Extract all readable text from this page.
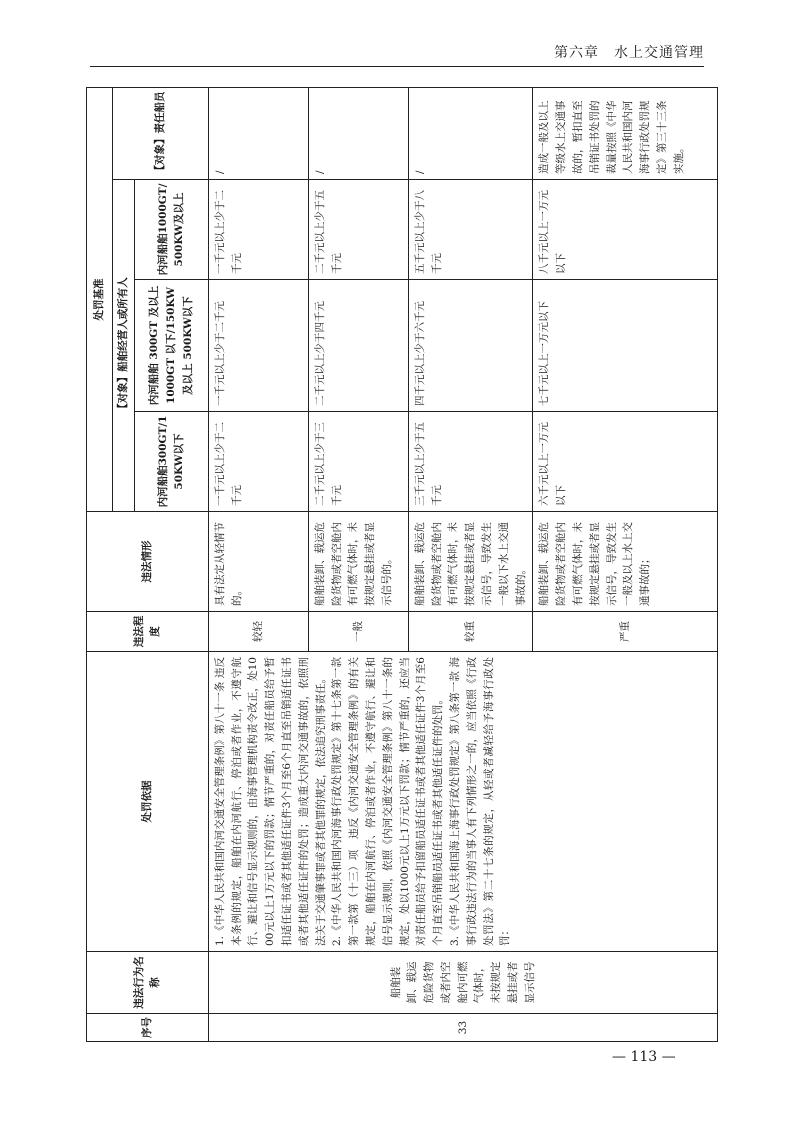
第六章　水上交通管理
序号	违法行为名称	处罚依据	违法程度	违法情形	处罚基准			
					【对象】船舶经营人或所有人			【对象】责任船员
					内河船舶300GT/150KW以下	内河船舶 300GT 及以上 1000GT 以下/150KW 及以上 500KW以下	内河船舶1000GT/500KW及以上	
33	船舶装卸、载运危险货物或者内空舱内可燃气体时，未按规定悬挂或者显示信号	1.《中华人民共和国内河交通安全管理条例》第八十一条 违反本条例的规定，船舶在内河航行、停泊或者作业，不遵守航行、避让和信号显示规则的，由海事管理机构责令改正，处1000元以上1万元以下的罚款；情节严重的，对责任船员给予暂扣适任证书或者其他适任证件3个月至6个月直至吊销适任证书或者其他适任证件的处罚；造成重大内河交通事故的，依照刑法关于交通肇事罪或者其他罪的规定，依法追究刑事责任。 2.《中华人民共和国内河海事行政处罚规定》第十七条第一款第一款第（十三）项　违反《内河交通安全管理条例》的有关规定，船舶在内河航行、停泊或者作业，不遵守航行、避让和信号显示规则，依照《内河交通安全管理条例》第八十一条的规定，处以1000元以上1万元以下罚款；情节严重的，还应当对责任船员给予扣留船员适任证书或者其他适任证件3个月至6个月直至吊销船员适任证书或者其他适任证件的处罚。 3.《中华人民共和国海上海事行政处罚规定》第八条第一款 海事行政违法行为的当事人有下列情形之一的，应当依照《行政处罚法》第二十七条的规定，从轻或者减轻给予海事行政处罚：	较轻	具有法定从轻情节的。	一千元以上少于二千元	一千元以上少于二千元	一千元以上少于二千元	/
			一般	船舶装卸、载运危险货物或者空舱内有可燃气体时，未按规定悬挂或者显示信号的。	二千元以上少于三千元	二千元以上少于四千元	二千元以上少于五千元	/
			较重	船舶装卸、载运危险货物或者空舱内有可燃气体时，未按规定悬挂或者显示信号，导致发生一般以下水上交通事故的。	三千元以上少于五千元	四千元以上少于六千元	五千元以上少于八千元	/
			严重	船舶装卸、载运危险货物或者空舱内有可燃气体时，未按规定悬挂或者显示信号，导致发生一般及以上水上交通事故的；	六千元以上一万元以下	七千元以上一万元以下	八千元以上一万元以下	造成一般及以上等级水上交通事故的，暂扣直至吊销证书处罚的裁量按照《中华人民共和国内河海事行政处罚规定》第三十三条实施。
— 113 —
